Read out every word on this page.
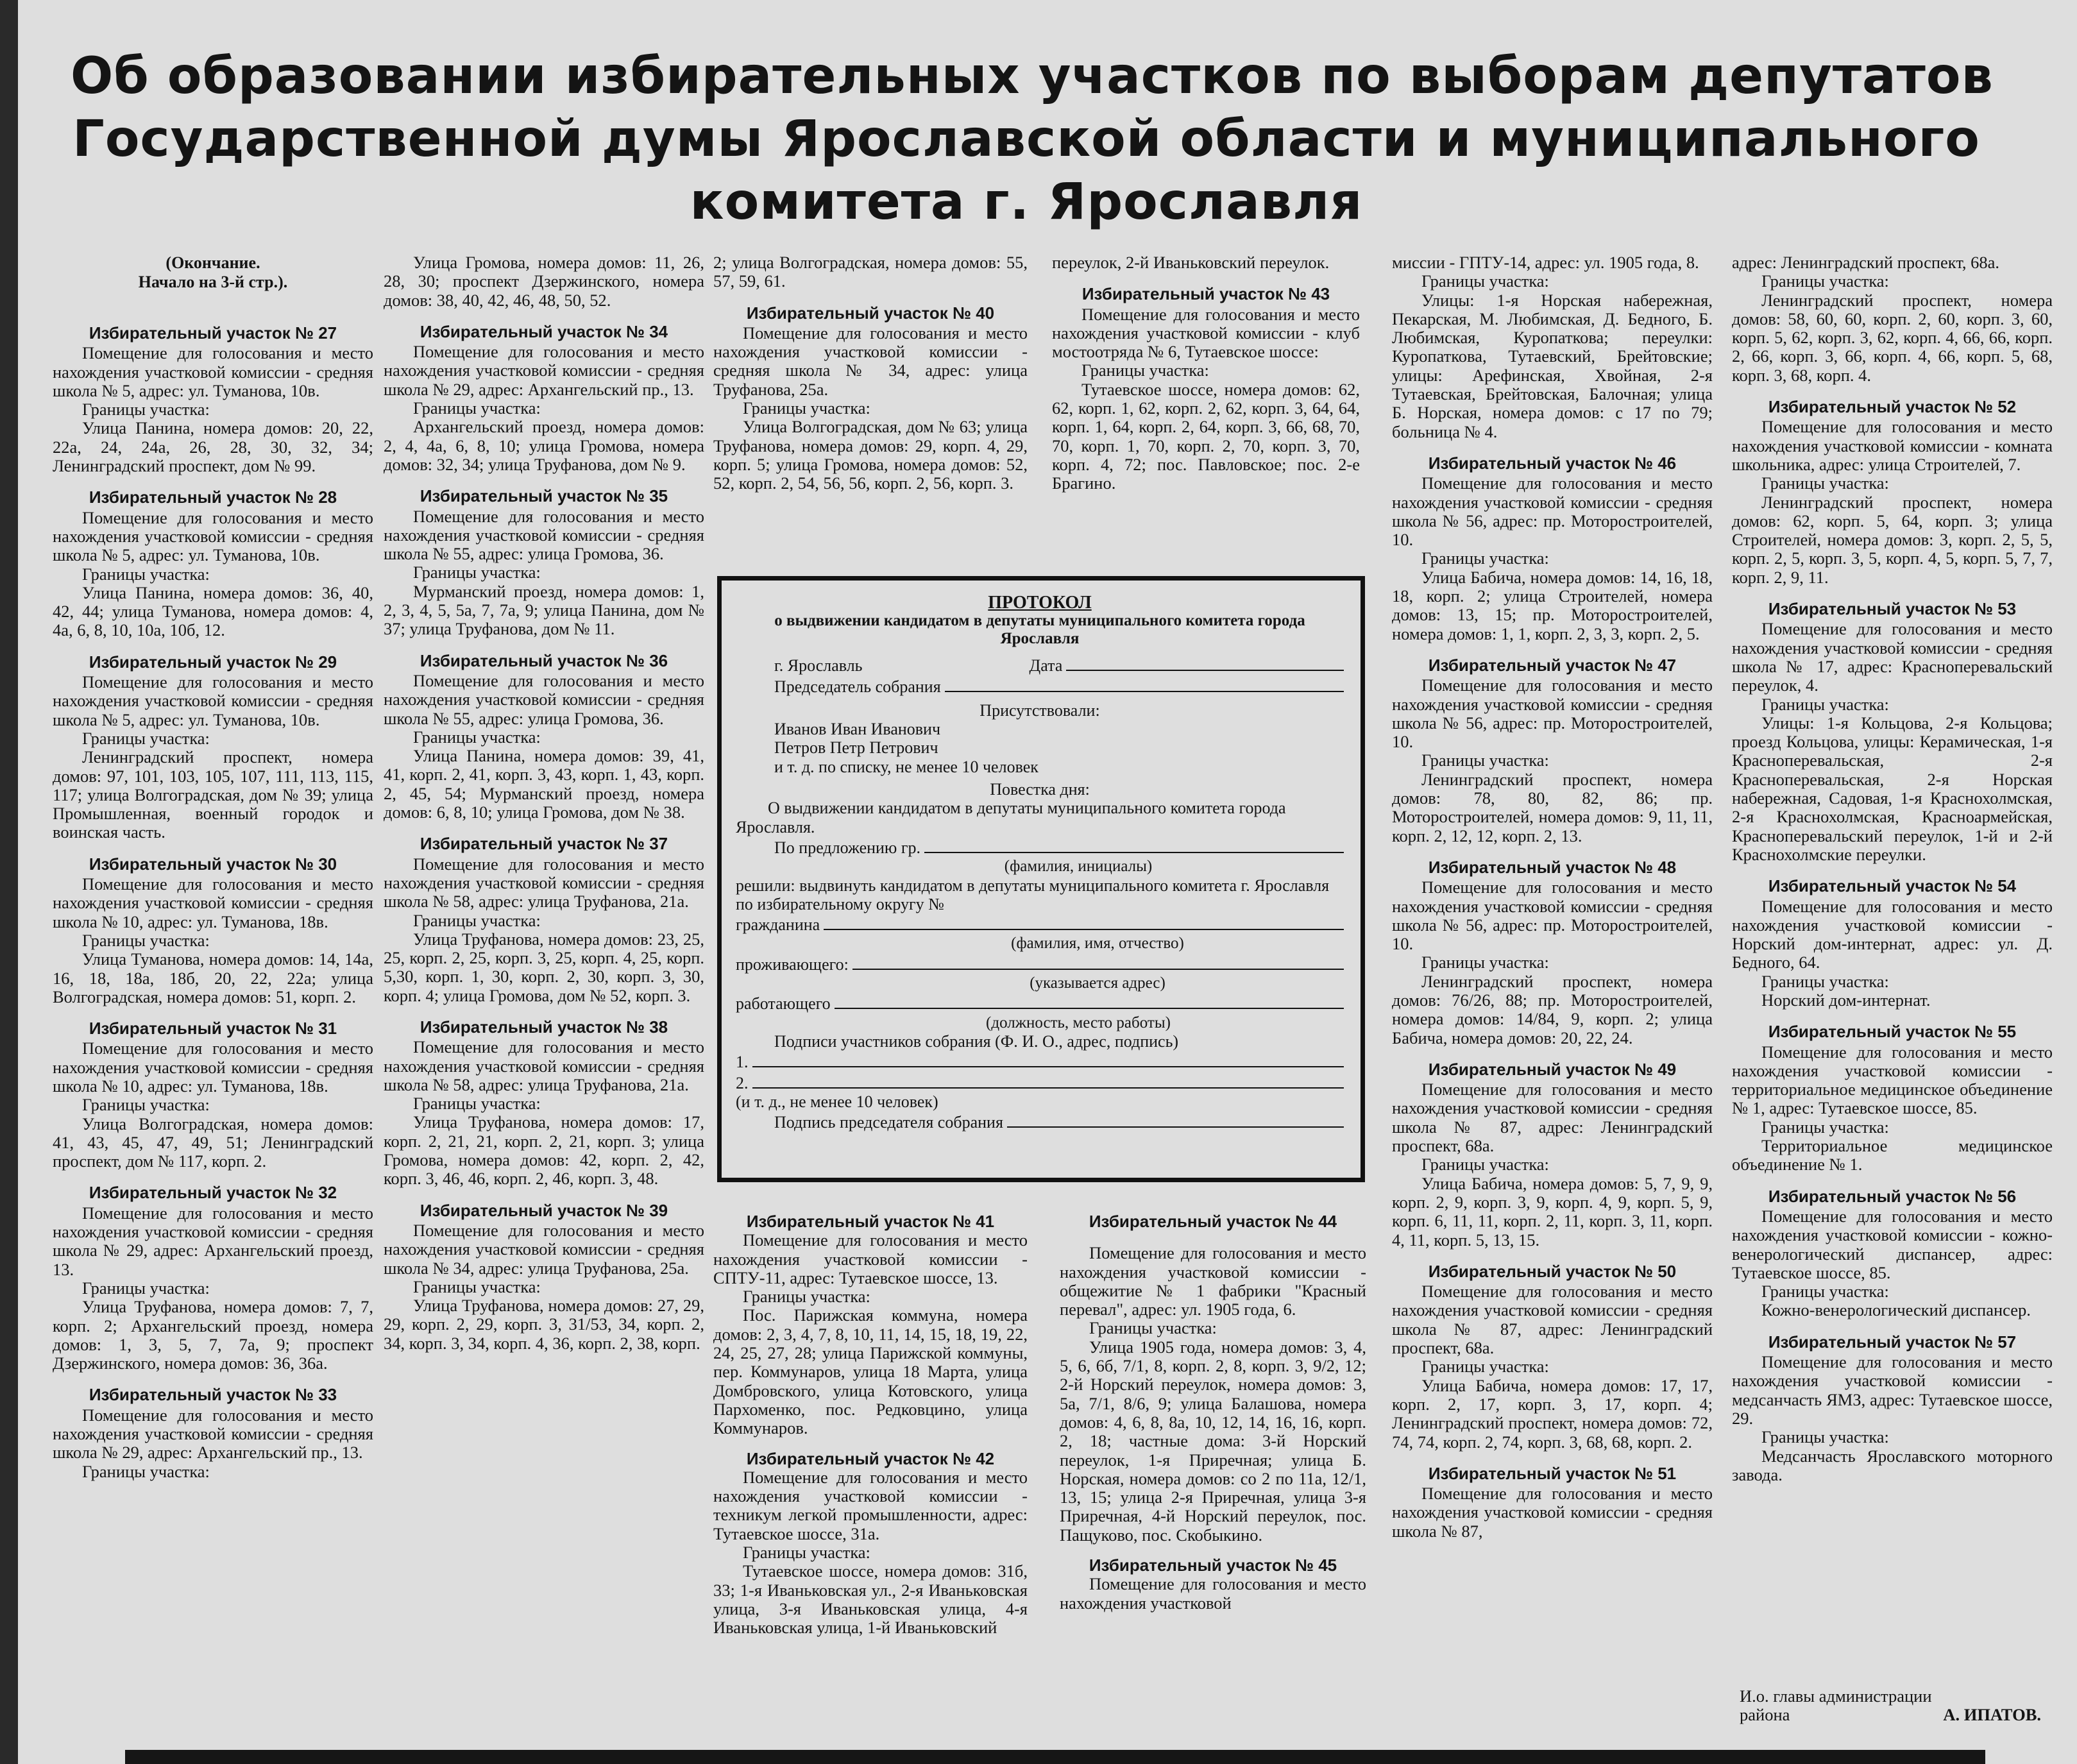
Об образовании избирательных участков по выборам депутатов
Государственной думы Ярославской области и муниципального
комитета г. Ярославля

(Окончание.

Начало на 3-й стр.).

Избирательный участок № 27

Помещение для голосования и место нахождения участковой комиссии - средняя школа № 5, адрес: ул. Туманова, 10в.

Границы участка:

Улица Панина, номера домов: 20, 22, 22а, 24, 24а, 26, 28, 30, 32, 34; Ленинградский проспект, дом № 99.

Избирательный участок № 28

Помещение для голосования и место нахождения участковой комиссии - средняя школа № 5, адрес: ул. Туманова, 10в.

Границы участка:

Улица Панина, номера домов: 36, 40, 42, 44; улица Туманова, номера домов: 4, 4а, 6, 8, 10, 10а, 10б, 12.

Избирательный участок № 29

Помещение для голосования и место нахождения участковой комиссии - средняя школа № 5, адрес: ул. Туманова, 10в.

Границы участка:

Ленинградский проспект, номера домов: 97, 101, 103, 105, 107, 111, 113, 115, 117; улица Волгоградская, дом № 39; улица Промышленная, военный городок и воинская часть.

Избирательный участок № 30

Помещение для голосования и место нахождения участковой комиссии - средняя школа № 10, адрес: ул. Туманова, 18в.

Границы участка:

Улица Туманова, номера домов: 14, 14а, 16, 18, 18а, 18б, 20, 22, 22а; улица Волгоградская, номера домов: 51, корп. 2.

Избирательный участок № 31

Помещение для голосования и место нахождения участковой комиссии - средняя школа № 10, адрес: ул. Туманова, 18в.

Границы участка:

Улица Волгоградская, номера домов: 41, 43, 45, 47, 49, 51; Ленинградский проспект, дом № 117, корп. 2.

Избирательный участок № 32

Помещение для голосования и место нахождения участковой комиссии - средняя школа № 29, адрес: Архангельский проезд, 13.

Границы участка:

Улица Труфанова, номера домов: 7, 7, корп. 2; Архангельский проезд, номера домов: 1, 3, 5, 7, 7а, 9; проспект Дзержинского, номера домов: 36, 36а.

Избирательный участок № 33

Помещение для голосования и место нахождения участковой комиссии - средняя школа № 29, адрес: Архангельский пр., 13.

Границы участка:

Улица Громова, номера домов: 11, 26, 28, 30; проспект Дзержинского, номера домов: 38, 40, 42, 46, 48, 50, 52.

Избирательный участок № 34

Помещение для голосования и место нахождения участковой комиссии - средняя школа № 29, адрес: Архангельский пр., 13.

Границы участка:

Архангельский проезд, номера домов: 2, 4, 4а, 6, 8, 10; улица Громова, номера домов: 32, 34; улица Труфанова, дом № 9.

Избирательный участок № 35

Помещение для голосования и место нахождения участковой комиссии - средняя школа № 55, адрес: улица Громова, 36.

Границы участка:

Мурманский проезд, номера домов: 1, 2, 3, 4, 5, 5а, 7, 7а, 9; улица Панина, дом № 37; улица Труфанова, дом № 11.

Избирательный участок № 36

Помещение для голосования и место нахождения участковой комиссии - средняя школа № 55, адрес: улица Громова, 36.

Границы участка:

Улица Панина, номера домов: 39, 41, 41, корп. 2, 41, корп. 3, 43, корп. 1, 43, корп. 2, 45, 54; Мурманский проезд, номера домов: 6, 8, 10; улица Громова, дом № 38.

Избирательный участок № 37

Помещение для голосования и место нахождения участковой комиссии - средняя школа № 58, адрес: улица Труфанова, 21а.

Границы участка:

Улица Труфанова, номера домов: 23, 25, 25, корп. 2, 25, корп. 3, 25, корп. 4, 25, корп. 5,30, корп. 1, 30, корп. 2, 30, корп. 3, 30, корп. 4; улица Громова, дом № 52, корп. 3.

Избирательный участок № 38

Помещение для голосования и место нахождения участковой комиссии - средняя школа № 58, адрес: улица Труфанова, 21а.

Границы участка:

Улица Труфанова, номера домов: 17, корп. 2, 21, 21, корп. 2, 21, корп. 3; улица Громова, номера домов: 42, корп. 2, 42, корп. 3, 46, 46, корп. 2, 46, корп. 3, 48.

Избирательный участок № 39

Помещение для голосования и место нахождения участковой комиссии - средняя школа № 34, адрес: улица Труфанова, 25а.

Границы участка:

Улица Труфанова, номера домов: 27, 29, 29, корп. 2, 29, корп. 3, 31/53, 34, корп. 2, 34, корп. 3, 34, корп. 4, 36, корп. 2, 38, корп.

2; улица Волгоградская, номера домов: 55, 57, 59, 61.

Избирательный участок № 40

Помещение для голосования и место нахождения участковой комиссии - средняя школа № 34, адрес: улица Труфанова, 25а.

Границы участка:

Улица Волгоградская, дом № 63; улица Труфанова, номера домов: 29, корп. 4, 29, корп. 5; улица Громова, номера домов: 52, 52, корп. 2, 54, 56, 56, корп. 2, 56, корп. 3.

переулок, 2-й Иваньковский переулок.

Избирательный участок № 43

Помещение для голосования и место нахождения участковой комиссии - клуб мостоотряда № 6, Тутаевское шоссе:

Границы участка:

Тутаевское шоссе, номера домов: 62, 62, корп. 1, 62, корп. 2, 62, корп. 3, 64, 64, корп. 1, 64, корп. 2, 64, корп. 3, 66, 68, 70, 70, корп. 1, 70, корп. 2, 70, корп. 3, 70, корп. 4, 72; пос. Павловское; пос. 2-е Брагино.

ПРОТОКОЛ
о выдвижении кандидатом в депутаты муниципального комитета города Ярославля
г. Ярославль	Дата
Председатель собрания
Присутствовали:
Иванов Иван Иванович
Петров Петр Петрович
и т. д. по списку, не менее 10 человек
Повестка дня:
О выдвижении кандидатом в депутаты муниципального комитета города Ярославля.
По предложению гр.
(фамилия, инициалы)
решили: выдвинуть кандидатом в депутаты муниципального комитета г. Ярославля по избирательному округу №
гражданина
(фамилия, имя, отчество)
проживающего:
(указывается адрес)
работающего
(должность, место работы)
Подписи участников собрания (Ф. И. О., адрес, подпись)
1.
2.
(и т. д., не менее 10 человек)
Подпись председателя собрания

Избирательный участок № 41

Помещение для голосования и место нахождения участковой комиссии - СПТУ-11, адрес: Тутаевское шоссе, 13.

Границы участка:

Пос. Парижская коммуна, номера домов: 2, 3, 4, 7, 8, 10, 11, 14, 15, 18, 19, 22, 24, 25, 27, 28; улица Парижской коммуны, пер. Коммунаров, улица 18 Марта, улица Домбровского, улица Котовского, улица Пархоменко, пос. Редковцино, улица Коммунаров.

Избирательный участок № 42

Помещение для голосования и место нахождения участковой комиссии - техникум легкой промышленности, адрес: Тутаевское шоссе, 31а.

Границы участка:

Тутаевское шоссе, номера домов: 31б, 33; 1-я Иваньковская ул., 2-я Иваньковская улица, 3-я Иваньковская улица, 4-я Иваньковская улица, 1-й Иваньковский

Избирательный участок № 44

Помещение для голосования и место нахождения участковой комиссии - общежитие № 1 фабрики "Красный перевал", адрес: ул. 1905 года, 6.

Границы участка:

Улица 1905 года, номера домов: 3, 4, 5, 6, 6б, 7/1, 8, корп. 2, 8, корп. 3, 9/2, 12; 2-й Норский переулок, номера домов: 3, 5а, 7/1, 8/6, 9; улица Балашова, номера домов: 4, 6, 8, 8а, 10, 12, 14, 16, 16, корп. 2, 18; частные дома: 3-й Норский переулок, 1-я Приречная; улица Б. Норская, номера домов: со 2 по 11а, 12/1, 13, 15; улица 2-я Приречная, улица 3-я Приречная, 4-й Норский переулок, пос. Пащуково, пос. Скобыкино.

Избирательный участок № 45

Помещение для голосования и место нахождения участковой

миссии - ГПТУ-14, адрес: ул. 1905 года, 8.

Границы участка:

Улицы: 1-я Норская набережная, Пекарская, М. Любимская, Д. Бедного, Б. Любимская, Куропаткова; переулки: Куропаткова, Тутаевский, Брейтовские; улицы: Арефинская, Хвойная, 2-я Тутаевская, Брейтовская, Балочная; улица Б. Норская, номера домов: с 17 по 79; больница № 4.

Избирательный участок № 46

Помещение для голосования и место нахождения участковой комиссии - средняя школа № 56, адрес: пр. Моторостроителей, 10.

Границы участка:

Улица Бабича, номера домов: 14, 16, 18, 18, корп. 2; улица Строителей, номера домов: 13, 15; пр. Моторостроителей, номера домов: 1, 1, корп. 2, 3, 3, корп. 2, 5.

Избирательный участок № 47

Помещение для голосования и место нахождения участковой комиссии - средняя школа № 56, адрес: пр. Моторостроителей, 10.

Границы участка:

Ленинградский проспект, номера домов: 78, 80, 82, 86; пр. Моторостроителей, номера домов: 9, 11, 11, корп. 2, 12, 12, корп. 2, 13.

Избирательный участок № 48

Помещение для голосования и место нахождения участковой комиссии - средняя школа № 56, адрес: пр. Моторостроителей, 10.

Границы участка:

Ленинградский проспект, номера домов: 76/26, 88; пр. Моторостроителей, номера домов: 14/84, 9, корп. 2; улица Бабича, номера домов: 20, 22, 24.

Избирательный участок № 49

Помещение для голосования и место нахождения участковой комиссии - средняя школа № 87, адрес: Ленинградский проспект, 68а.

Границы участка:

Улица Бабича, номера домов: 5, 7, 9, 9, корп. 2, 9, корп. 3, 9, корп. 4, 9, корп. 5, 9, корп. 6, 11, 11, корп. 2, 11, корп. 3, 11, корп. 4, 11, корп. 5, 13, 15.

Избирательный участок № 50

Помещение для голосования и место нахождения участковой комиссии - средняя школа № 87, адрес: Ленинградский проспект, 68а.

Границы участка:

Улица Бабича, номера домов: 17, 17, корп. 2, 17, корп. 3, 17, корп. 4; Ленинградский проспект, номера домов: 72, 74, 74, корп. 2, 74, корп. 3, 68, 68, корп. 2.

Избирательный участок № 51

Помещение для голосования и место нахождения участковой комиссии - средняя школа № 87,

адрес: Ленинградский проспект, 68а.

Границы участка:

Ленинградский проспект, номера домов: 58, 60, 60, корп. 2, 60, корп. 3, 60, корп. 5, 62, корп. 3, 62, корп. 4, 66, 66, корп. 2, 66, корп. 3, 66, корп. 4, 66, корп. 5, 68, корп. 3, 68, корп. 4.

Избирательный участок № 52

Помещение для голосования и место нахождения участковой комиссии - комната школьника, адрес: улица Строителей, 7.

Границы участка:

Ленинградский проспект, номера домов: 62, корп. 5, 64, корп. 3; улица Строителей, номера домов: 3, корп. 2, 5, 5, корп. 2, 5, корп. 3, 5, корп. 4, 5, корп. 5, 7, 7, корп. 2, 9, 11.

Избирательный участок № 53

Помещение для голосования и место нахождения участковой комиссии - средняя школа № 17, адрес: Красноперевальский переулок, 4.

Границы участка:

Улицы: 1-я Кольцова, 2-я Кольцова; проезд Кольцова, улицы: Керамическая, 1-я Красноперевальская, 2-я Красноперевальская, 2-я Норская набережная, Садовая, 1-я Краснохолмская, 2-я Краснохолмская, Красноармейская, Красноперевальский переулок, 1-й и 2-й Краснохолмские переулки.

Избирательный участок № 54

Помещение для голосования и место нахождения участковой комиссии - Норский дом-интернат, адрес: ул. Д. Бедного, 64.

Границы участка:

Норский дом-интернат.

Избирательный участок № 55

Помещение для голосования и место нахождения участковой комиссии - территориальное медицинское объединение № 1, адрес: Тутаевское шоссе, 85.

Границы участка:

Территориальное медицинское объединение № 1.

Избирательный участок № 56

Помещение для голосования и место нахождения участковой комиссии - кожно-венерологический диспансер, адрес: Тутаевское шоссе, 85.

Границы участка:

Кожно-венерологический диспансер.

Избирательный участок № 57

Помещение для голосования и место нахождения участковой комиссии - медсанчасть ЯМЗ, адрес: Тутаевское шоссе, 29.

Границы участка:

Медсанчасть Ярославского моторного завода.

И.о. главы администрации района	А. ИПАТОВ.
